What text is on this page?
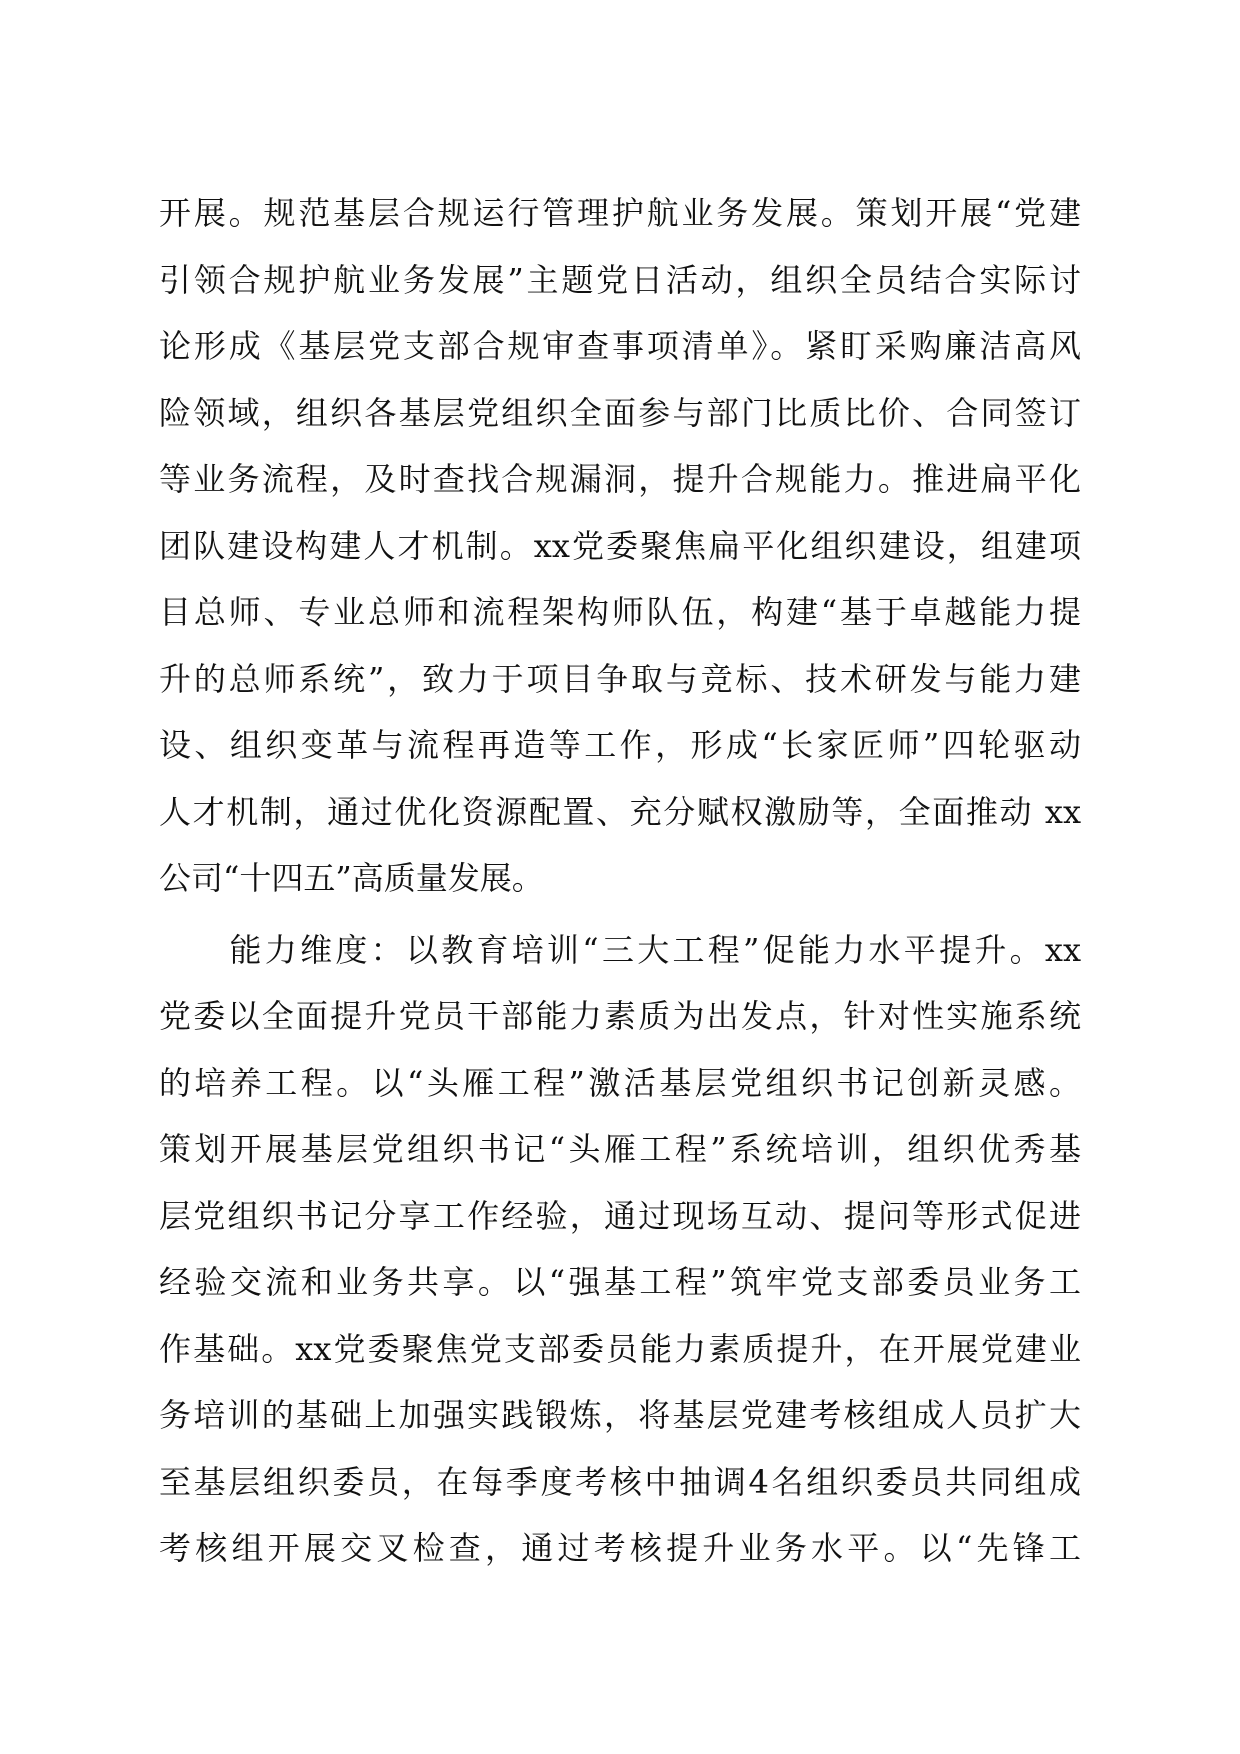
开展。规范基层合规运行管理护航业务发展。策划开展“党建
引领合规护航业务发展”主题党日活动，组织全员结合实际讨
论形成《基层党支部合规审查事项清单》。紧盯采购廉洁高风
险领域，组织各基层党组织全面参与部门比质比价、合同签订
等业务流程，及时查找合规漏洞，提升合规能力。推进扁平化
团队建设构建人才机制。xx党委聚焦扁平化组织建设，组建项
目总师、专业总师和流程架构师队伍，构建“基于卓越能力提
升的总师系统”，致力于项目争取与竞标、技术研发与能力建
设、组织变革与流程再造等工作，形成“长家匠师”四轮驱动
人才机制，通过优化资源配置、充分赋权激励等，全面推动 xx
公司“十四五”高质量发展。
　　能力维度：以教育培训“三大工程”促能力水平提升。xx
党委以全面提升党员干部能力素质为出发点，针对性实施系统
的培养工程。以“头雁工程”激活基层党组织书记创新灵感。
策划开展基层党组织书记“头雁工程”系统培训，组织优秀基
层党组织书记分享工作经验，通过现场互动、提问等形式促进
经验交流和业务共享。以“强基工程”筑牢党支部委员业务工
作基础。xx党委聚焦党支部委员能力素质提升，在开展党建业
务培训的基础上加强实践锻炼，将基层党建考核组成人员扩大
至基层组织委员，在每季度考核中抽调4名组织委员共同组成
考核组开展交叉检查，通过考核提升业务水平。以“先锋工
